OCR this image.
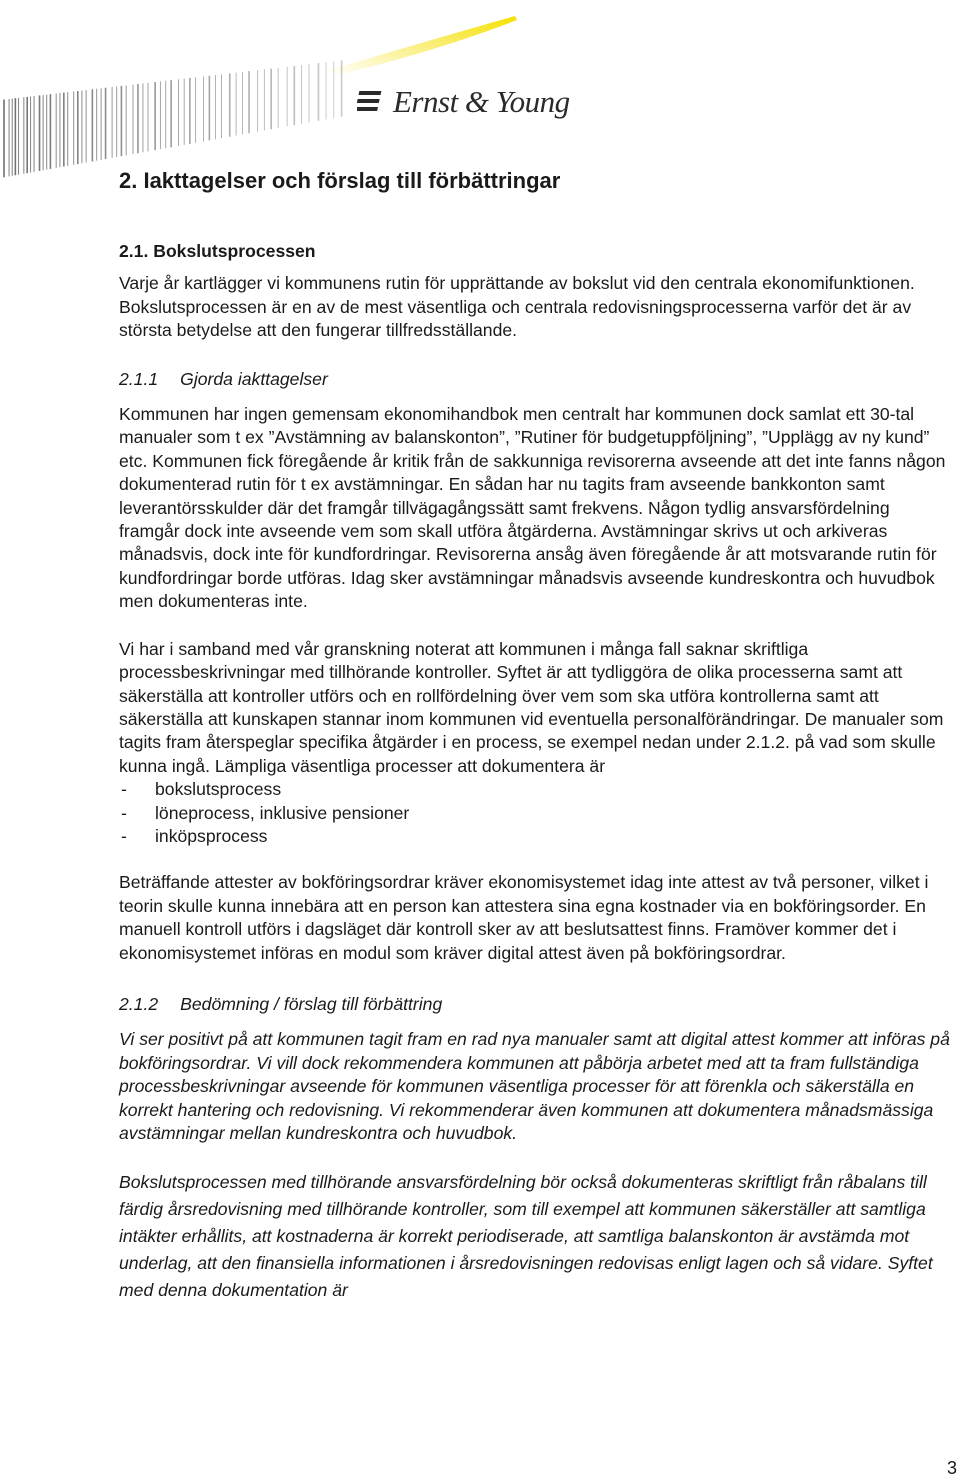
Ernst & Young
2. Iakttagelser och förslag till förbättringar
2.1. Bokslutsprocessen

Varje år kartlägger vi kommunens rutin för upprättande av bokslut vid den centrala ekonomifunktionen. Bokslutsprocessen är en av de mest väsentliga och centrala redovisningsprocesserna varför det är av största betydelse att den fungerar tillfredsställande.

2.1.1 Gjorda iakttagelser

Kommunen har ingen gemensam ekonomihandbok men centralt har kommunen dock samlat ett 30-tal manualer som t ex ”Avstämning av balanskonton”, ”Rutiner för budgetuppföljning”, ”Upplägg av ny kund” etc. Kommunen fick föregående år kritik från de sakkunniga revisorerna avseende att det inte fanns någon dokumenterad rutin för t ex avstämningar. En sådan har nu tagits fram avseende bankkonton samt leverantörsskulder där det framgår tillvägagångssätt samt frekvens. Någon tydlig ansvarsfördelning framgår dock inte avseende vem som skall utföra åtgärderna. Avstämningar skrivs ut och arkiveras månadsvis, dock inte för kundfordringar. Revisorerna ansåg även föregående år att motsvarande rutin för kundfordringar borde utföras. Idag sker avstämningar månadsvis avseende kundreskontra och huvudbok men dokumenteras inte.

Vi har i samband med vår granskning noterat att kommunen i många fall saknar skriftliga processbeskrivningar med tillhörande kontroller. Syftet är att tydliggöra de olika processerna samt att säkerställa att kontroller utförs och en rollfördelning över vem som ska utföra kontrollerna samt att säkerställa att kunskapen stannar inom kommunen vid eventuella personalförändringar. De manualer som tagits fram återspeglar specifika åtgärder i en process, se exempel nedan under 2.1.2. på vad som skulle kunna ingå. Lämpliga väsentliga processer att dokumentera är

- bokslutsprocess
- löneprocess, inklusive pensioner
- inköpsprocess

Beträffande attester av bokföringsordrar kräver ekonomisystemet idag inte attest av två personer, vilket i teorin skulle kunna innebära att en person kan attestera sina egna kostnader via en bokföringsorder. En manuell kontroll utförs i dagsläget där kontroll sker av att beslutsattest finns. Framöver kommer det i ekonomisystemet införas en modul som kräver digital attest även på bokföringsordrar.

2.1.2 Bedömning / förslag till förbättring

Vi ser positivt på att kommunen tagit fram en rad nya manualer samt att digital attest kommer att införas på bokföringsordrar. Vi vill dock rekommendera kommunen att påbörja arbetet med att ta fram fullständiga processbeskrivningar avseende för kommunen väsentliga processer för att förenkla och säkerställa en korrekt hantering och redovisning. Vi rekommenderar även kommunen att dokumentera månadsmässiga avstämningar mellan kundreskontra och huvudbok.

Bokslutsprocessen med tillhörande ansvarsfördelning bör också dokumenteras skriftligt från råbalans till färdig årsredovisning med tillhörande kontroller, som till exempel att kommunen säkerställer att samtliga intäkter erhållits, att kostnaderna är korrekt periodiserade, att samtliga balanskonton är avstämda mot underlag, att den finansiella informationen i årsredovisningen redovisas enligt lagen och så vidare. Syftet med denna dokumentation är

3
